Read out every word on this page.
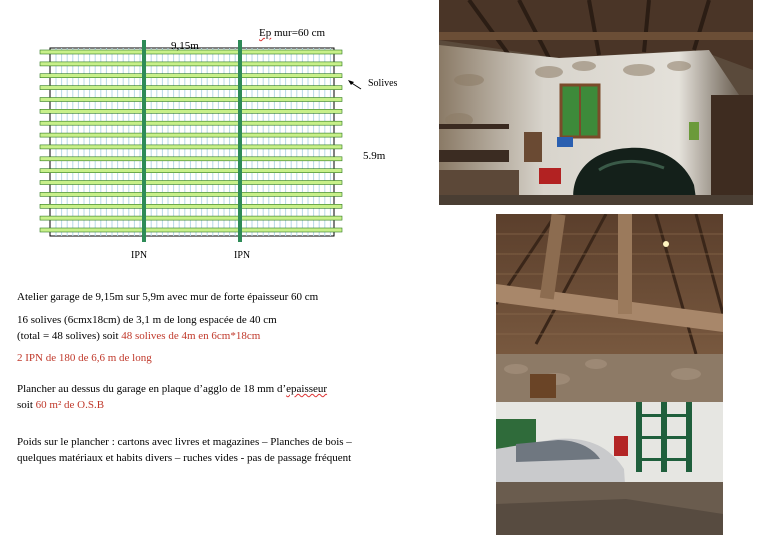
9,15m
Ep mur=60 cm
Solives
5.9m
IPN	IPN
Atelier garage de 9,15m sur 5,9m avec mur de forte épaisseur 60 cm
16 solives (6cmx18cm) de 3,1 m de long espacée de 40 cm
(total = 48 solives) soit 48 solives de 4m en 6cm*18cm
2 IPN de 180 de 6,6 m de long
Plancher au dessus du garage en plaque d’agglo de 18 mm d’epaisseur
soit 60 m² de O.S.B
Poids sur le plancher : cartons avec livres et magazines – Planches de bois –
quelques matériaux et habits divers – ruches vides - pas de passage fréquent
